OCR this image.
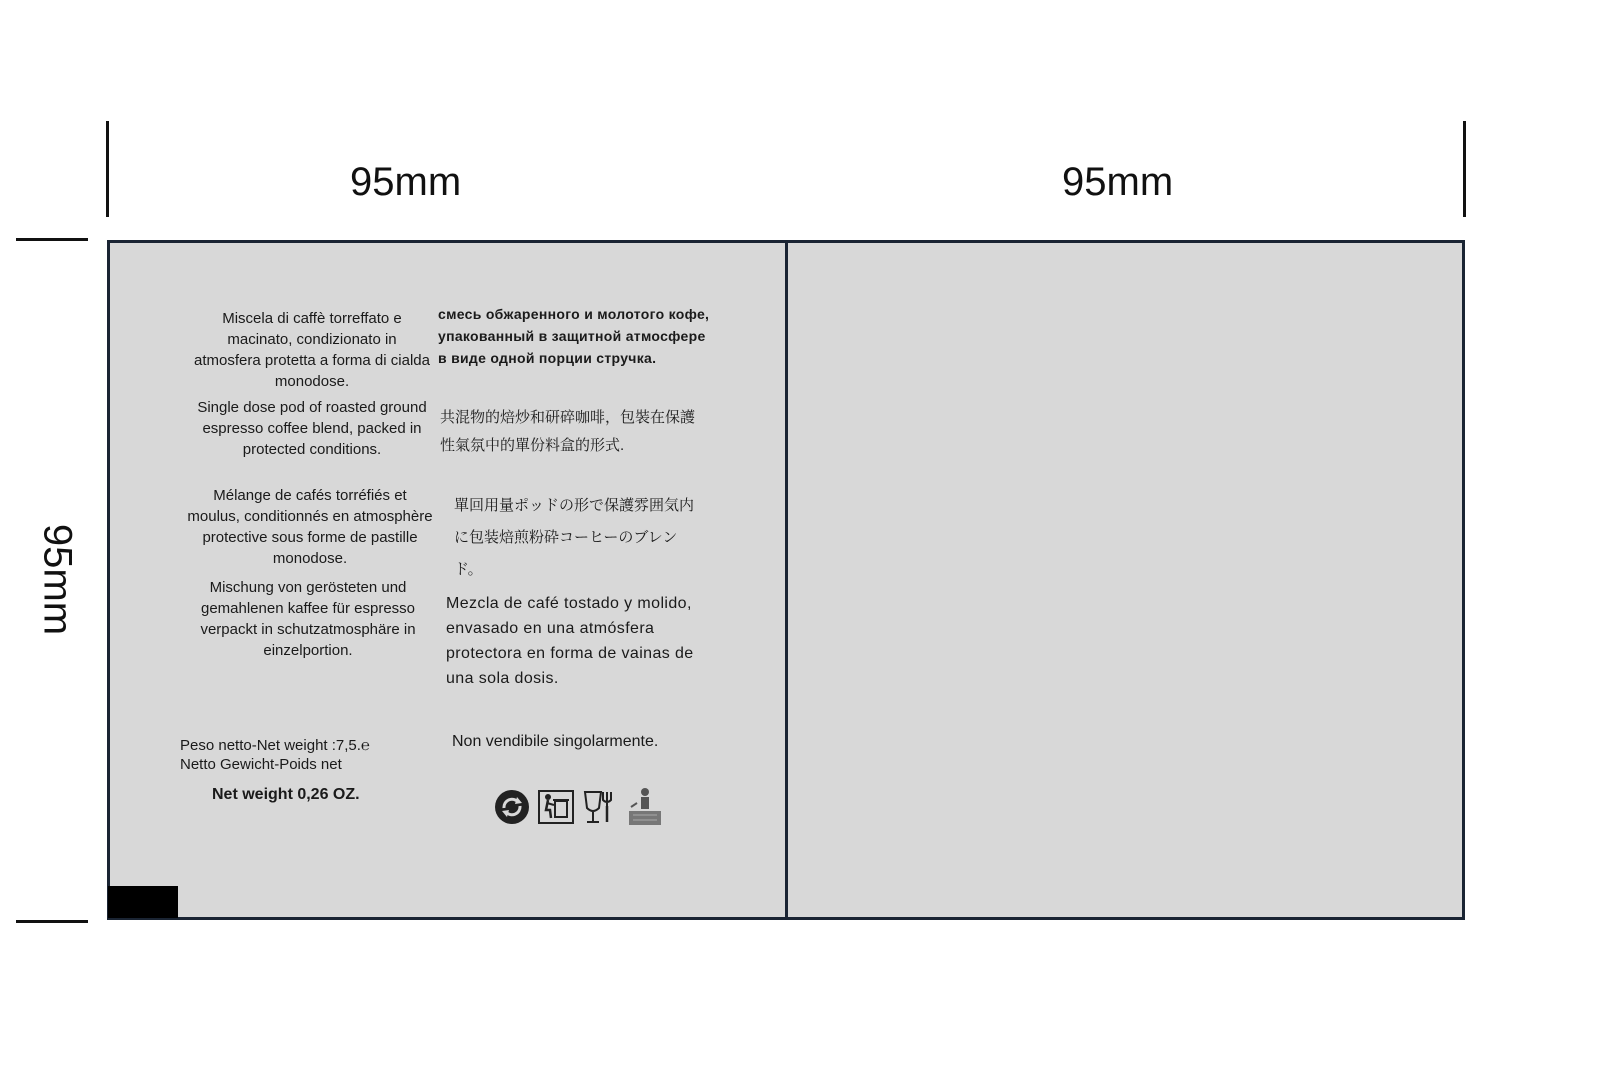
95mm	95mm
95mm
Miscela di caffè torreffato e macinato, condizionato in atmosfera protetta a forma di cialda monodose.
Single dose pod of roasted ground espresso coffee blend, packed in protected conditions.
Mélange de cafés torréfiés et moulus, conditionnés en atmosphère protective sous forme de pastille monodose.
Mischung von gerösteten und gemahlenen kaffee für espresso verpackt in schutzatmosphäre in einzelportion.
Peso netto-Net weight :7,5.℮
Netto Gewicht-Poids net
Net weight 0,26 OZ.
смесь обжаренного и молотого кофе, упакованный в защитной атмосфере в виде одной порции стручка.
共混物的焙炒和研碎咖啡，包裝在保護性氣氛中的單份料盒的形式.
單回用量ポッドの形で保護雰囲気内に包装焙煎粉砕コーヒーのブレンド。
Mezcla de café tostado y molido, envasado en una atmósfera protectora en forma de vainas de una sola dosis.
Non vendibile singolarmente.
